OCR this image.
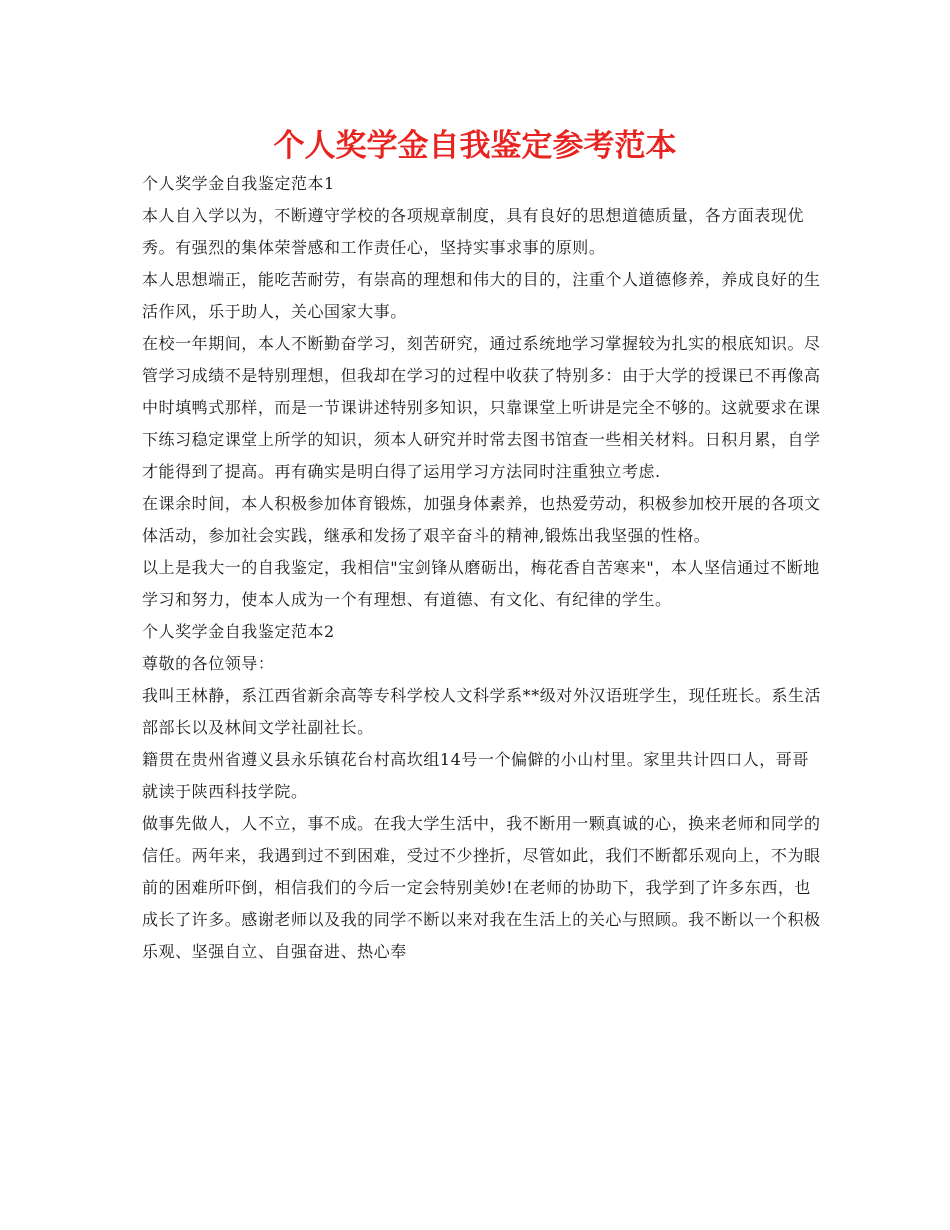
个人奖学金自我鉴定参考范本

个人奖学金自我鉴定范本1

本人自入学以为，不断遵守学校的各项规章制度，具有良好的思想道德质量，各方面表现优秀。有强烈的集体荣誉感和工作责任心，坚持实事求事的原则。

本人思想端正，能吃苦耐劳，有崇高的理想和伟大的目的，注重个人道德修养，养成良好的生活作风，乐于助人，关心国家大事。

在校一年期间，本人不断勤奋学习，刻苦研究，通过系统地学习掌握较为扎实的根底知识。尽管学习成绩不是特别理想，但我却在学习的过程中收获了特别多：由于大学的授课已不再像高中时填鸭式那样，而是一节课讲述特别多知识，只靠课堂上听讲是完全不够的。这就要求在课下练习稳定课堂上所学的知识，须本人研究并时常去图书馆查一些相关材料。日积月累，自学才能得到了提高。再有确实是明白得了运用学习方法同时注重独立考虑.

在课余时间，本人积极参加体育锻炼，加强身体素养，也热爱劳动，积极参加校开展的各项文体活动，参加社会实践，继承和发扬了艰辛奋斗的精神,锻炼出我坚强的性格。

以上是我大一的自我鉴定，我相信"宝剑锋从磨砺出，梅花香自苦寒来"，本人坚信通过不断地学习和努力，使本人成为一个有理想、有道德、有文化、有纪律的学生。

个人奖学金自我鉴定范本2

尊敬的各位领导：

我叫王林静，系江西省新余高等专科学校人文科学系**级对外汉语班学生，现任班长。系生活部部长以及林间文学社副社长。

籍贯在贵州省遵义县永乐镇花台村高坎组14号一个偏僻的小山村里。家里共计四口人，哥哥就读于陕西科技学院。

做事先做人，人不立，事不成。在我大学生活中，我不断用一颗真诚的心，换来老师和同学的信任。两年来，我遇到过不到困难，受过不少挫折，尽管如此，我们不断都乐观向上，不为眼前的困难所吓倒，相信我们的今后一定会特别美妙!在老师的协助下，我学到了许多东西，也成长了许多。感谢老师以及我的同学不断以来对我在生活上的关心与照顾。我不断以一个积极乐观、坚强自立、自强奋进、热心奉
